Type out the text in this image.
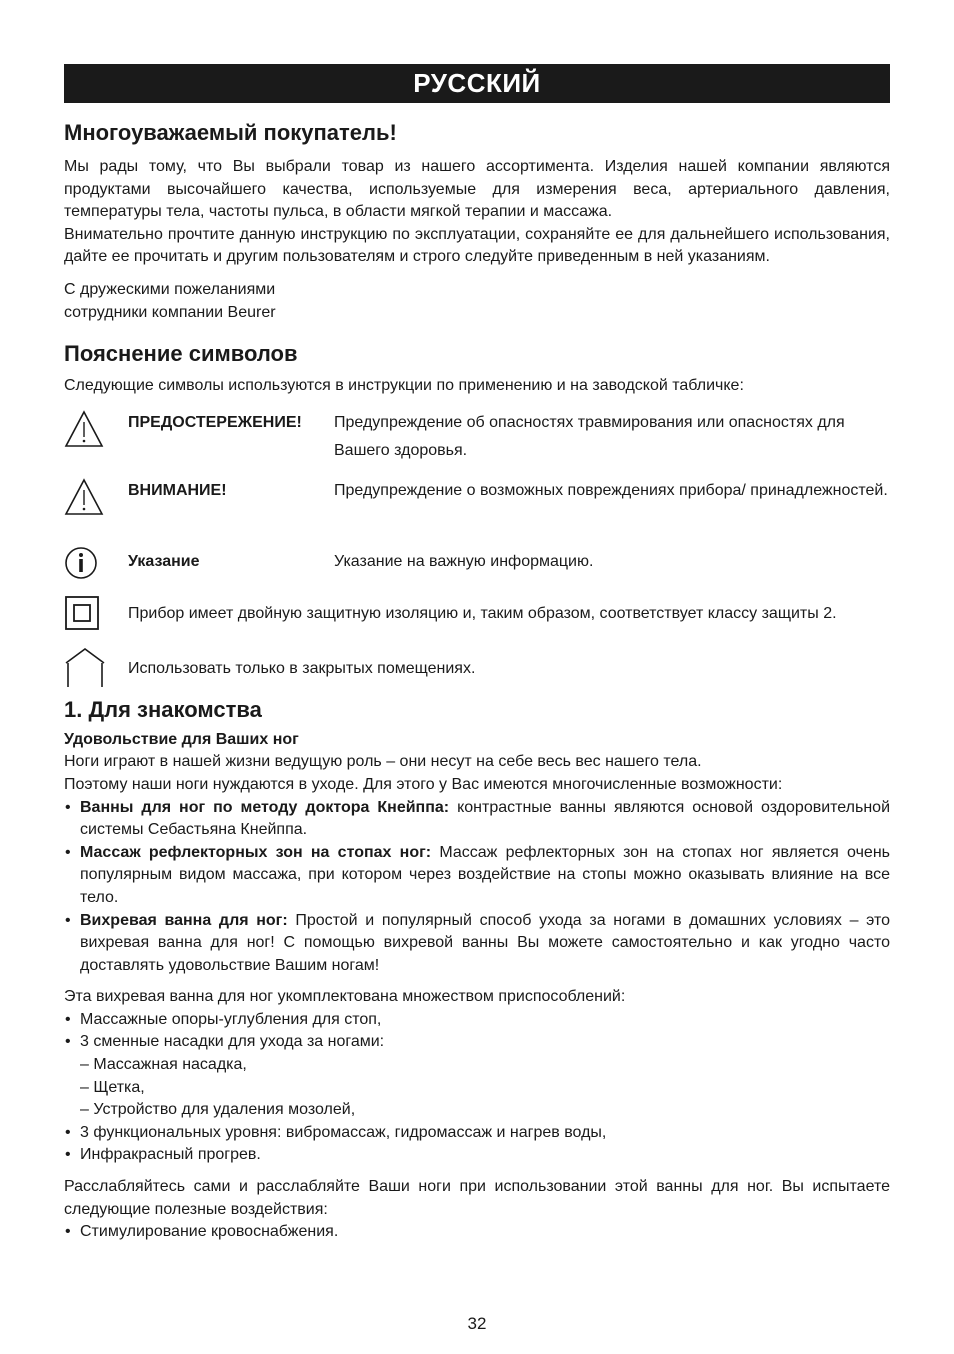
РУССКИЙ
Многоуважаемый покупатель!

Мы рады тому, что Вы выбрали товар из нашего ассортимента. Изделия нашей компании являются продуктами высочайшего качества, используемые для измерения веса, артериального давления, температуры тела, частоты пульса, в области мягкой терапии и массажа.

Внимательно прочтите данную инструкцию по эксплуатации, сохраняйте ее для дальнейшего использования, дайте ее прочитать и другим пользователям и строго следуйте приведенным в ней указаниям.

С дружескими пожеланиями

сотрудники компании Beurer

Пояснение символов

Следующие символы используются в инструкции по применению и на заводской табличке:

ПРЕДОСТЕРЕЖЕНИЕ!	Предупреждение об опасностях травмирования или опасностях для Вашего здоровья.
ВНИМАНИЕ!	Предупреждение о возможных повреждениях прибора/ принадлежностей.
Указание	Указание на важную информацию.
Прибор имеет двойную защитную изоляцию и, таким образом, соответствует классу защиты 2.
Использовать только в закрытых помещениях.
1. Для знакомства

Удовольствие для Ваших ног

Ноги играют в нашей жизни ведущую роль – они несут на себе весь вес нашего тела.

Поэтому наши ноги нуждаются в уходе. Для этого у Вас имеются многочисленные возможности:

• Ванны для ног по методу доктора Кнейппа: контрастные ванны являются основой оздоровительной системы Себастьяна Кнейппа.
• Массаж рефлекторных зон на стопах ног: Массаж рефлекторных зон на стопах ног является очень популярным видом массажа, при котором через воздействие на стопы можно оказывать влияние на все тело.
• Вихревая ванна для ног: Простой и популярный способ ухода за ногами в домашних условиях – это вихревая ванна для ног! С помощью вихревой ванны Вы можете самостоятельно и как угодно часто доставлять удовольствие Вашим ногам!

Эта вихревая ванна для ног укомплектована множеством приспособлений:

• Массажные опоры-углубления для стоп,
• 3 сменные насадки для ухода за ногами:
– Массажная насадка,
– Щетка,
– Устройство для удаления мозолей,
• 3 функциональных уровня: вибромассаж, гидромассаж и нагрев воды,
• Инфракрасный прогрев.

Расслабляйтесь сами и расслабляйте Ваши ноги при использовании этой ванны для ног. Вы испытаете следующие полезные воздействия:

• Стимулирование кровоснабжения.
32
